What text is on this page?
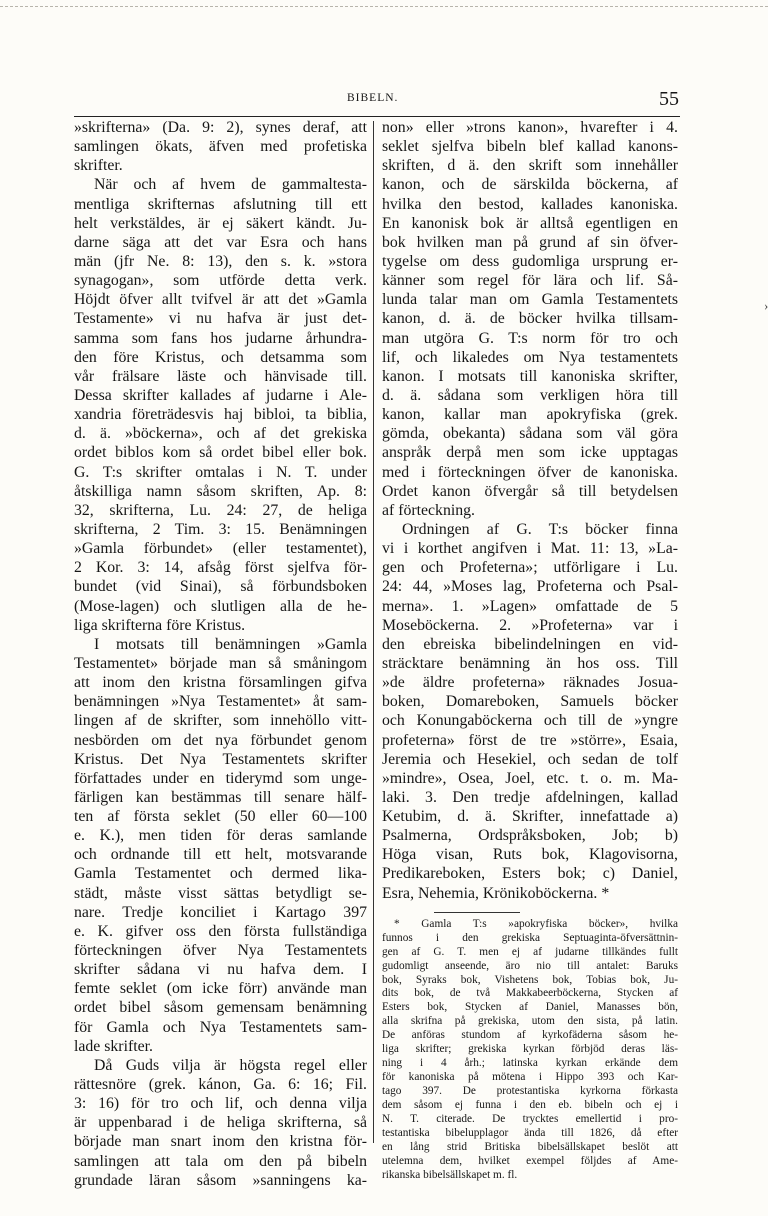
BIBELN.	55
›
»skrifterna» (Da. 9: 2), synes deraf, att
samlingen ökats, äfven med profetiska
skrifter.
När och af hvem de gammaltesta-
mentliga skrifternas afslutning till ett
helt verkstäldes, är ej säkert kändt. Ju-
darne säga att det var Esra och hans
män (jfr Ne. 8: 13), den s. k. »stora
synagogan», som utförde detta verk.
Höjdt öfver allt tvifvel är att det »Gamla
Testamente» vi nu hafva är just det-
samma som fans hos judarne århundra-
den före Kristus, och detsamma som
vår frälsare läste och hänvisade till.
Dessa skrifter kallades af judarne i Ale-
xandria företrädesvis haj bibloi, ta biblia,
d. ä. »böckerna», och af det grekiska
ordet biblos kom så ordet bibel eller bok.
G. T:s skrifter omtalas i N. T. under
åtskilliga namn såsom skriften, Ap. 8:
32, skrifterna, Lu. 24: 27, de heliga
skrifterna, 2 Tim. 3: 15. Benämningen
»Gamla förbundet» (eller testamentet),
2 Kor. 3: 14, afsåg först sjelfva för-
bundet (vid Sinai), så förbundsboken
(Mose-lagen) och slutligen alla de he-
liga skrifterna före Kristus.
I motsats till benämningen »Gamla
Testamentet» började man så småningom
att inom den kristna församlingen gifva
benämningen »Nya Testamentet» åt sam-
lingen af de skrifter, som innehöllo vitt-
nesbörden om det nya förbundet genom
Kristus. Det Nya Testamentets skrifter
författades under en tiderymd som unge-
färligen kan bestämmas till senare hälf-
ten af första seklet (50 eller 60—100
e. K.), men tiden för deras samlande
och ordnande till ett helt, motsvarande
Gamla Testamentet och dermed lika-
städt, måste visst sättas betydligt se-
nare. Tredje konciliet i Kartago 397
e. K. gifver oss den första fullständiga
förteckningen öfver Nya Testamentets
skrifter sådana vi nu hafva dem. I
femte seklet (om icke förr) använde man
ordet bibel såsom gemensam benämning
för Gamla och Nya Testamentets sam-
lade skrifter.
Då Guds vilja är högsta regel eller
rättesnöre (grek. kánon, Ga. 6: 16; Fil.
3: 16) för tro och lif, och denna vilja
är uppenbarad i de heliga skrifterna, så
började man snart inom den kristna för-
samlingen att tala om den på bibeln
grundade läran såsom »sanningens ka-
non» eller »trons kanon», hvarefter i 4.
seklet sjelfva bibeln blef kallad kanons-
skriften, d ä. den skrift som innehåller
kanon, och de särskilda böckerna, af
hvilka den bestod, kallades kanoniska.
En kanonisk bok är alltså egentligen en
bok hvilken man på grund af sin öfver-
tygelse om dess gudomliga ursprung er-
känner som regel för lära och lif. Så-
lunda talar man om Gamla Testamentets
kanon, d. ä. de böcker hvilka tillsam-
man utgöra G. T:s norm för tro och
lif, och likaledes om Nya testamentets
kanon. I motsats till kanoniska skrifter,
d. ä. sådana som verkligen höra till
kanon, kallar man apokryfiska (grek.
gömda, obekanta) sådana som väl göra
anspråk derpå men som icke upptagas
med i förteckningen öfver de kanoniska.
Ordet kanon öfvergår så till betydelsen
af förteckning.
Ordningen af G. T:s böcker finna
vi i korthet angifven i Mat. 11: 13, »La-
gen och Profeterna»; utförligare i Lu.
24: 44, »Moses lag, Profeterna och Psal-
merna». 1. »Lagen» omfattade de 5
Moseböckerna. 2. »Profeterna» var i
den ebreiska bibelindelningen en vid-
sträcktare benämning än hos oss. Till
»de äldre profeterna» räknades Josua-
boken, Domareboken, Samuels böcker
och Konungaböckerna och till de »yngre
profeterna» först de tre »större», Esaia,
Jeremia och Hesekiel, och sedan de tolf
»mindre», Osea, Joel, etc. t. o. m. Ma-
laki. 3. Den tredje afdelningen, kallad
Ketubim, d. ä. Skrifter, innefattade a)
Psalmerna, Ordspråksboken, Job; b)
Höga visan, Ruts bok, Klagovisorna,
Predikareboken, Esters bok; c) Daniel,
Esra, Nehemia, Krönikoböckerna. *
* Gamla T:s »apokryfiska böcker», hvilka
funnos i den grekiska Septuaginta-öfversättnin-
gen af G. T. men ej af judarne tillkändes fullt
gudomligt anseende, äro nio till antalet: Baruks
bok, Syraks bok, Vishetens bok, Tobias bok, Ju-
dits bok, de två Makkabeerböckerna, Stycken af
Esters bok, Stycken af Daniel, Manasses bön,
alla skrifna på grekiska, utom den sista, på latin.
De anföras stundom af kyrkofäderna såsom he-
liga skrifter; grekiska kyrkan förbjöd deras läs-
ning i 4 årh.; latinska kyrkan erkände dem
för kanoniska på mötena i Hippo 393 och Kar-
tago 397. De protestantiska kyrkorna förkasta
dem såsom ej funna i den eb. bibeln och ej i
N. T. citerade. De trycktes emellertid i pro-
testantiska bibelupplagor ända till 1826, då efter
en lång strid Britiska bibelsällskapet beslöt att
utelemna dem, hvilket exempel följdes af Ame-
rikanska bibelsällskapet m. fl.
